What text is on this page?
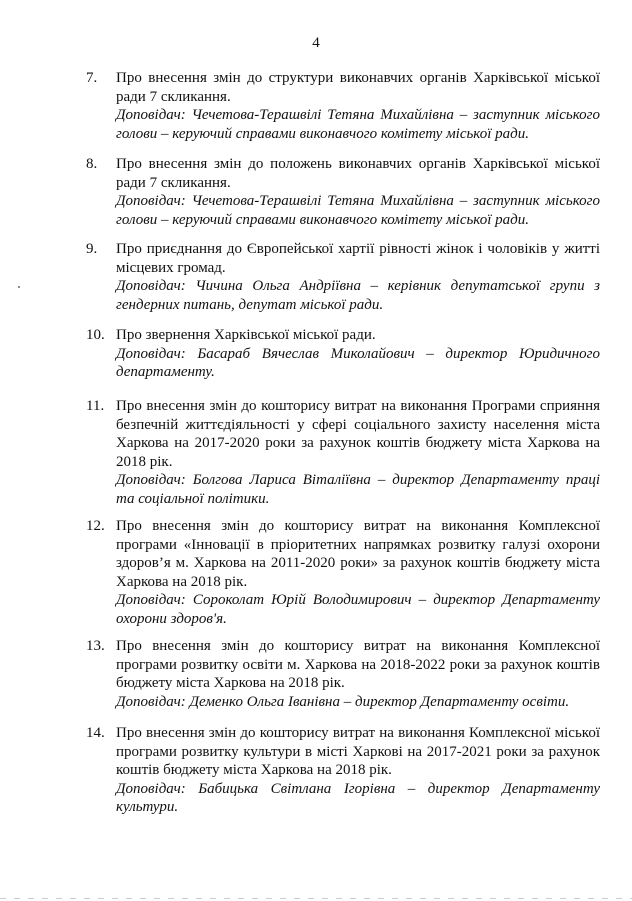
4
7. Про внесення змін до структури виконавчих органів Харківської міської ради 7 скликання.

Доповідач: Чечетова-Терашвілі Тетяна Михайлівна – заступник міського голови – керуючий справами виконавчого комітету міської ради.

8. Про внесення змін до положень виконавчих органів Харківської міської ради 7 скликання.

Доповідач: Чечетова-Терашвілі Тетяна Михайлівна – заступник міського голови – керуючий справами виконавчого комітету міської ради.

9. Про приєднання до Європейської хартії рівності жінок і чоловіків у житті місцевих громад.

Доповідач: Чичина Ольга Андріївна – керівник депутатської групи з гендерних питань, депутат міської ради.

10. Про звернення Харківської міської ради.

Доповідач: Басараб Вячеслав Миколайович – директор Юридичного департаменту.

11. Про внесення змін до кошторису витрат на виконання Програми сприяння безпечній життєдіяльності у сфері соціального захисту населення міста Харкова на 2017-2020 роки за рахунок коштів бюджету міста Харкова на 2018 рік.

Доповідач: Болгова Лариса Віталіївна – директор Департаменту праці та соціальної політики.

12. Про внесення змін до кошторису витрат на виконання Комплексної програми «Інновації в пріоритетних напрямках розвитку галузі охорони здоров’я м. Харкова на 2011-2020 роки» за рахунок коштів бюджету міста Харкова на 2018 рік.

Доповідач: Сороколат Юрій Володимирович – директор Департаменту охорони здоров'я.

13. Про внесення змін до кошторису витрат на виконання Комплексної програми розвитку освіти м. Харкова на 2018-2022 роки за рахунок коштів бюджету міста Харкова на 2018 рік.

Доповідач: Деменко Ольга Іванівна – директор Департаменту освіти.

14. Про внесення змін до кошторису витрат на виконання Комплексної міської програми розвитку культури в місті Харкові на 2017-2021 роки за рахунок коштів бюджету міста Харкова на 2018 рік.

Доповідач: Бабицька Світлана Ігорівна – директор Департаменту культури.
